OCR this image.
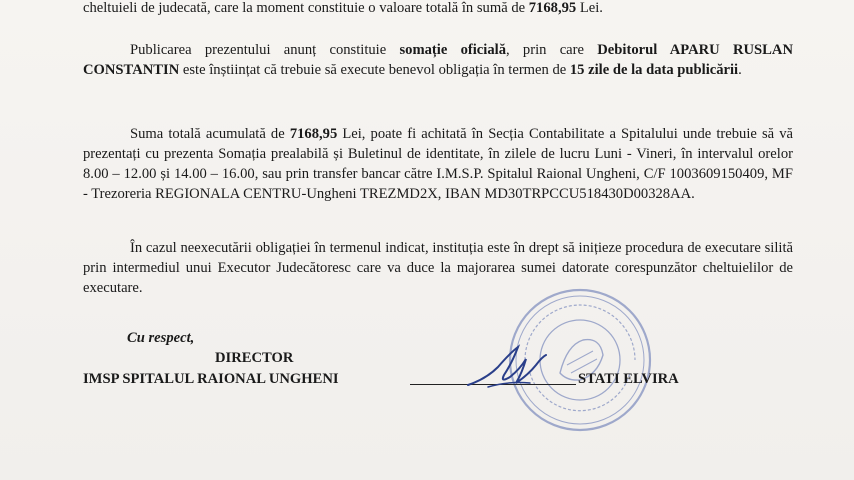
cheltuieli de judecată, care la moment constituie o valoare totală în sumă de 7168,95 Lei.

Publicarea prezentului anunț constituie somație oficială, prin care Debitorul APARU RUSLAN CONSTANTIN este înștiințat că trebuie să execute benevol obligația în termen de 15 zile de la data publicării.

Suma totală acumulată de 7168,95 Lei, poate fi achitată în Secția Contabilitate a Spitalului unde trebuie să vă prezentați cu prezenta Somația prealabilă și Buletinul de identitate, în zilele de lucru Luni - Vineri, în intervalul orelor 8.00 – 12.00 și 14.00 – 16.00, sau prin transfer bancar către I.M.S.P. Spitalul Raional Ungheni, C/F 1003609150409, MF - Trezoreria REGIONALA CENTRU-Ungheni TREZMD2X, IBAN MD30TRPCCU518430D00328AA.

În cazul neexecutării obligației în termenul indicat, instituția este în drept să inițieze procedura de executare silită prin intermediul unui Executor Judecătoresc care va duce la majorarea sumei datorate corespunzător cheltuielilor de executare.

Cu respect,
DIRECTOR
IMSP SPITALUL RAIONAL UNGHENI	STATI ELVIRA
